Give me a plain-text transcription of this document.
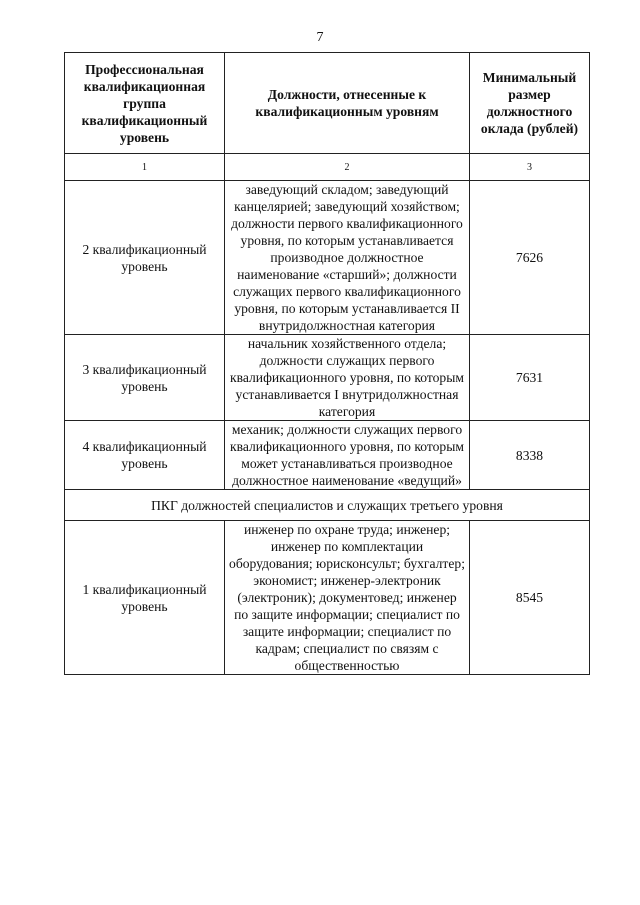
7
Профессиональная квалификационная группа квалификационный уровень	Должности, отнесенные к квалификационным уровням	Минимальный размер должностного оклада (рублей)
1	2	3
2 квалификационный уровень	заведующий складом; заведующий канцелярией; заведующий хозяйством; должности первого квалификационного уровня, по которым устанавливается производное должностное наименование «старший»; должности служащих первого квалификационного уровня, по которым устанавливается II внутридолжностная категория	7626
3 квалификационный уровень	начальник хозяйственного отдела; должности служащих первого квалификационного уровня, по которым устанавливается I внутридолжностная категория	7631
4 квалификационный уровень	механик; должности служащих первого квалификационного уровня, по которым может устанавливаться производное должностное наименование «ведущий»	8338
ПКГ должностей специалистов и служащих третьего уровня		
1 квалификационный уровень	инженер по охране труда; инженер; инженер по комплектации оборудования; юрисконсульт; бухгалтер; экономист; инженер-электроник (электроник); документовед; инженер по защите информации; специалист по защите информации; специалист по кадрам; специалист по связям с общественностью	8545
